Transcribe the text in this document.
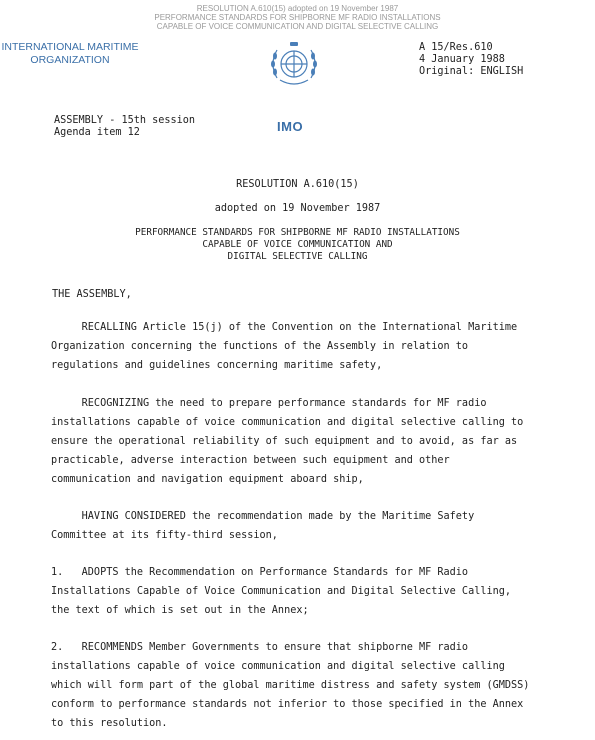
RESOLUTION A.610(15) adopted on 19 November 1987
PERFORMANCE STANDARDS FOR SHIPBORNE MF RADIO INSTALLATIONS
CAPABLE OF VOICE COMMUNICATION AND DIGITAL SELECTIVE CALLING
INTERNATIONAL MARITIME
ORGANIZATION
A 15/Res.610
4 January 1988
Original: ENGLISH
ASSEMBLY - 15th session
Agenda item 12	IMO
RESOLUTION A.610(15)
adopted on 19 November 1987
PERFORMANCE STANDARDS FOR SHIPBORNE MF RADIO INSTALLATIONS
CAPABLE OF VOICE COMMUNICATION AND
DIGITAL SELECTIVE CALLING
THE ASSEMBLY,
RECALLING Article 15(j) of the Convention on the International Maritime
Organization concerning the functions of the Assembly in relation to
regulations and guidelines concerning maritime safety,
RECOGNIZING the need to prepare performance standards for MF radio
installations capable of voice communication and digital selective calling to
ensure the operational reliability of such equipment and to avoid, as far as
practicable, adverse interaction between such equipment and other
communication and navigation equipment aboard ship,
HAVING CONSIDERED the recommendation made by the Maritime Safety
Committee at its fifty-third session,
1.   ADOPTS the Recommendation on Performance Standards for MF Radio
Installations Capable of Voice Communication and Digital Selective Calling,
the text of which is set out in the Annex;
2.   RECOMMENDS Member Governments to ensure that shipborne MF radio
installations capable of voice communication and digital selective calling
which will form part of the global maritime distress and safety system (GMDSS)
conform to performance standards not inferior to those specified in the Annex
to this resolution.
